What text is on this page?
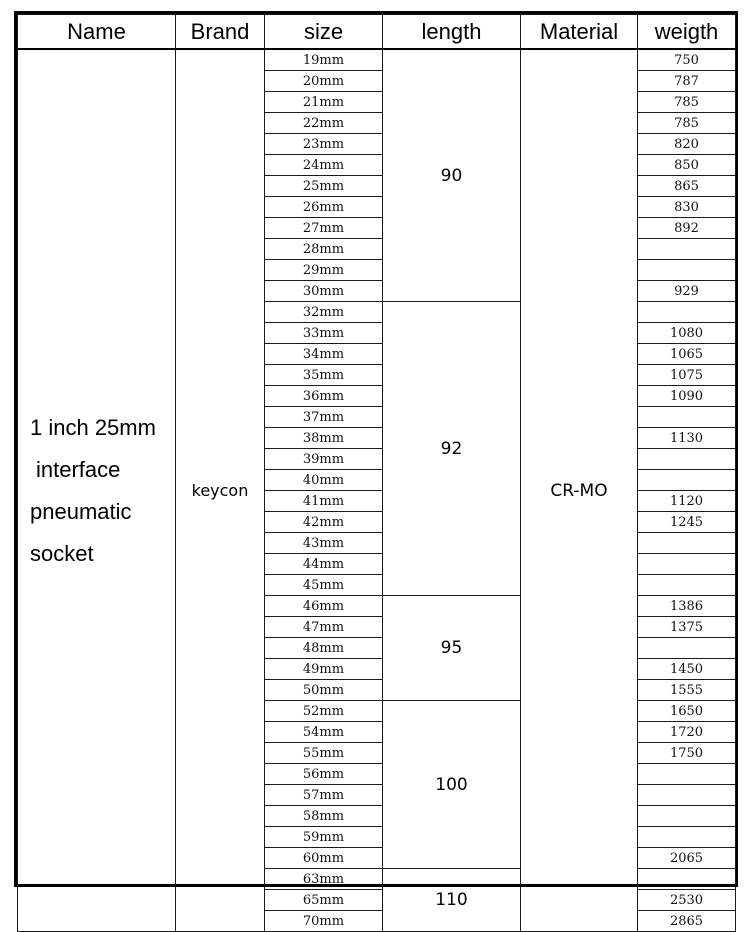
Name	Brand	size	length	Material	weigth

1 inch 25mm
interface
pneumatic
socket	keycon	19mm	90	CR-MO	750
		20mm			787
		21mm			785
		22mm			785
		23mm			820
		24mm			850
		25mm			865
		26mm			830
		27mm			892
		28mm			
		29mm			
		30mm			929
		32mm	92		
		33mm			1080
		34mm			1065
		35mm			1075
		36mm			1090
		37mm			
		38mm			1130
		39mm			
		40mm			
		41mm			1120
		42mm			1245
		43mm			
		44mm			
		45mm			
		46mm	95		1386
		47mm			1375
		48mm			
		49mm			1450
		50mm			1555
		52mm	100		1650
		54mm			1720
		55mm			1750
		56mm			
		57mm			
		58mm			
		59mm			
		60mm			2065
		63mm	110		
		65mm			2530
		70mm			2865
